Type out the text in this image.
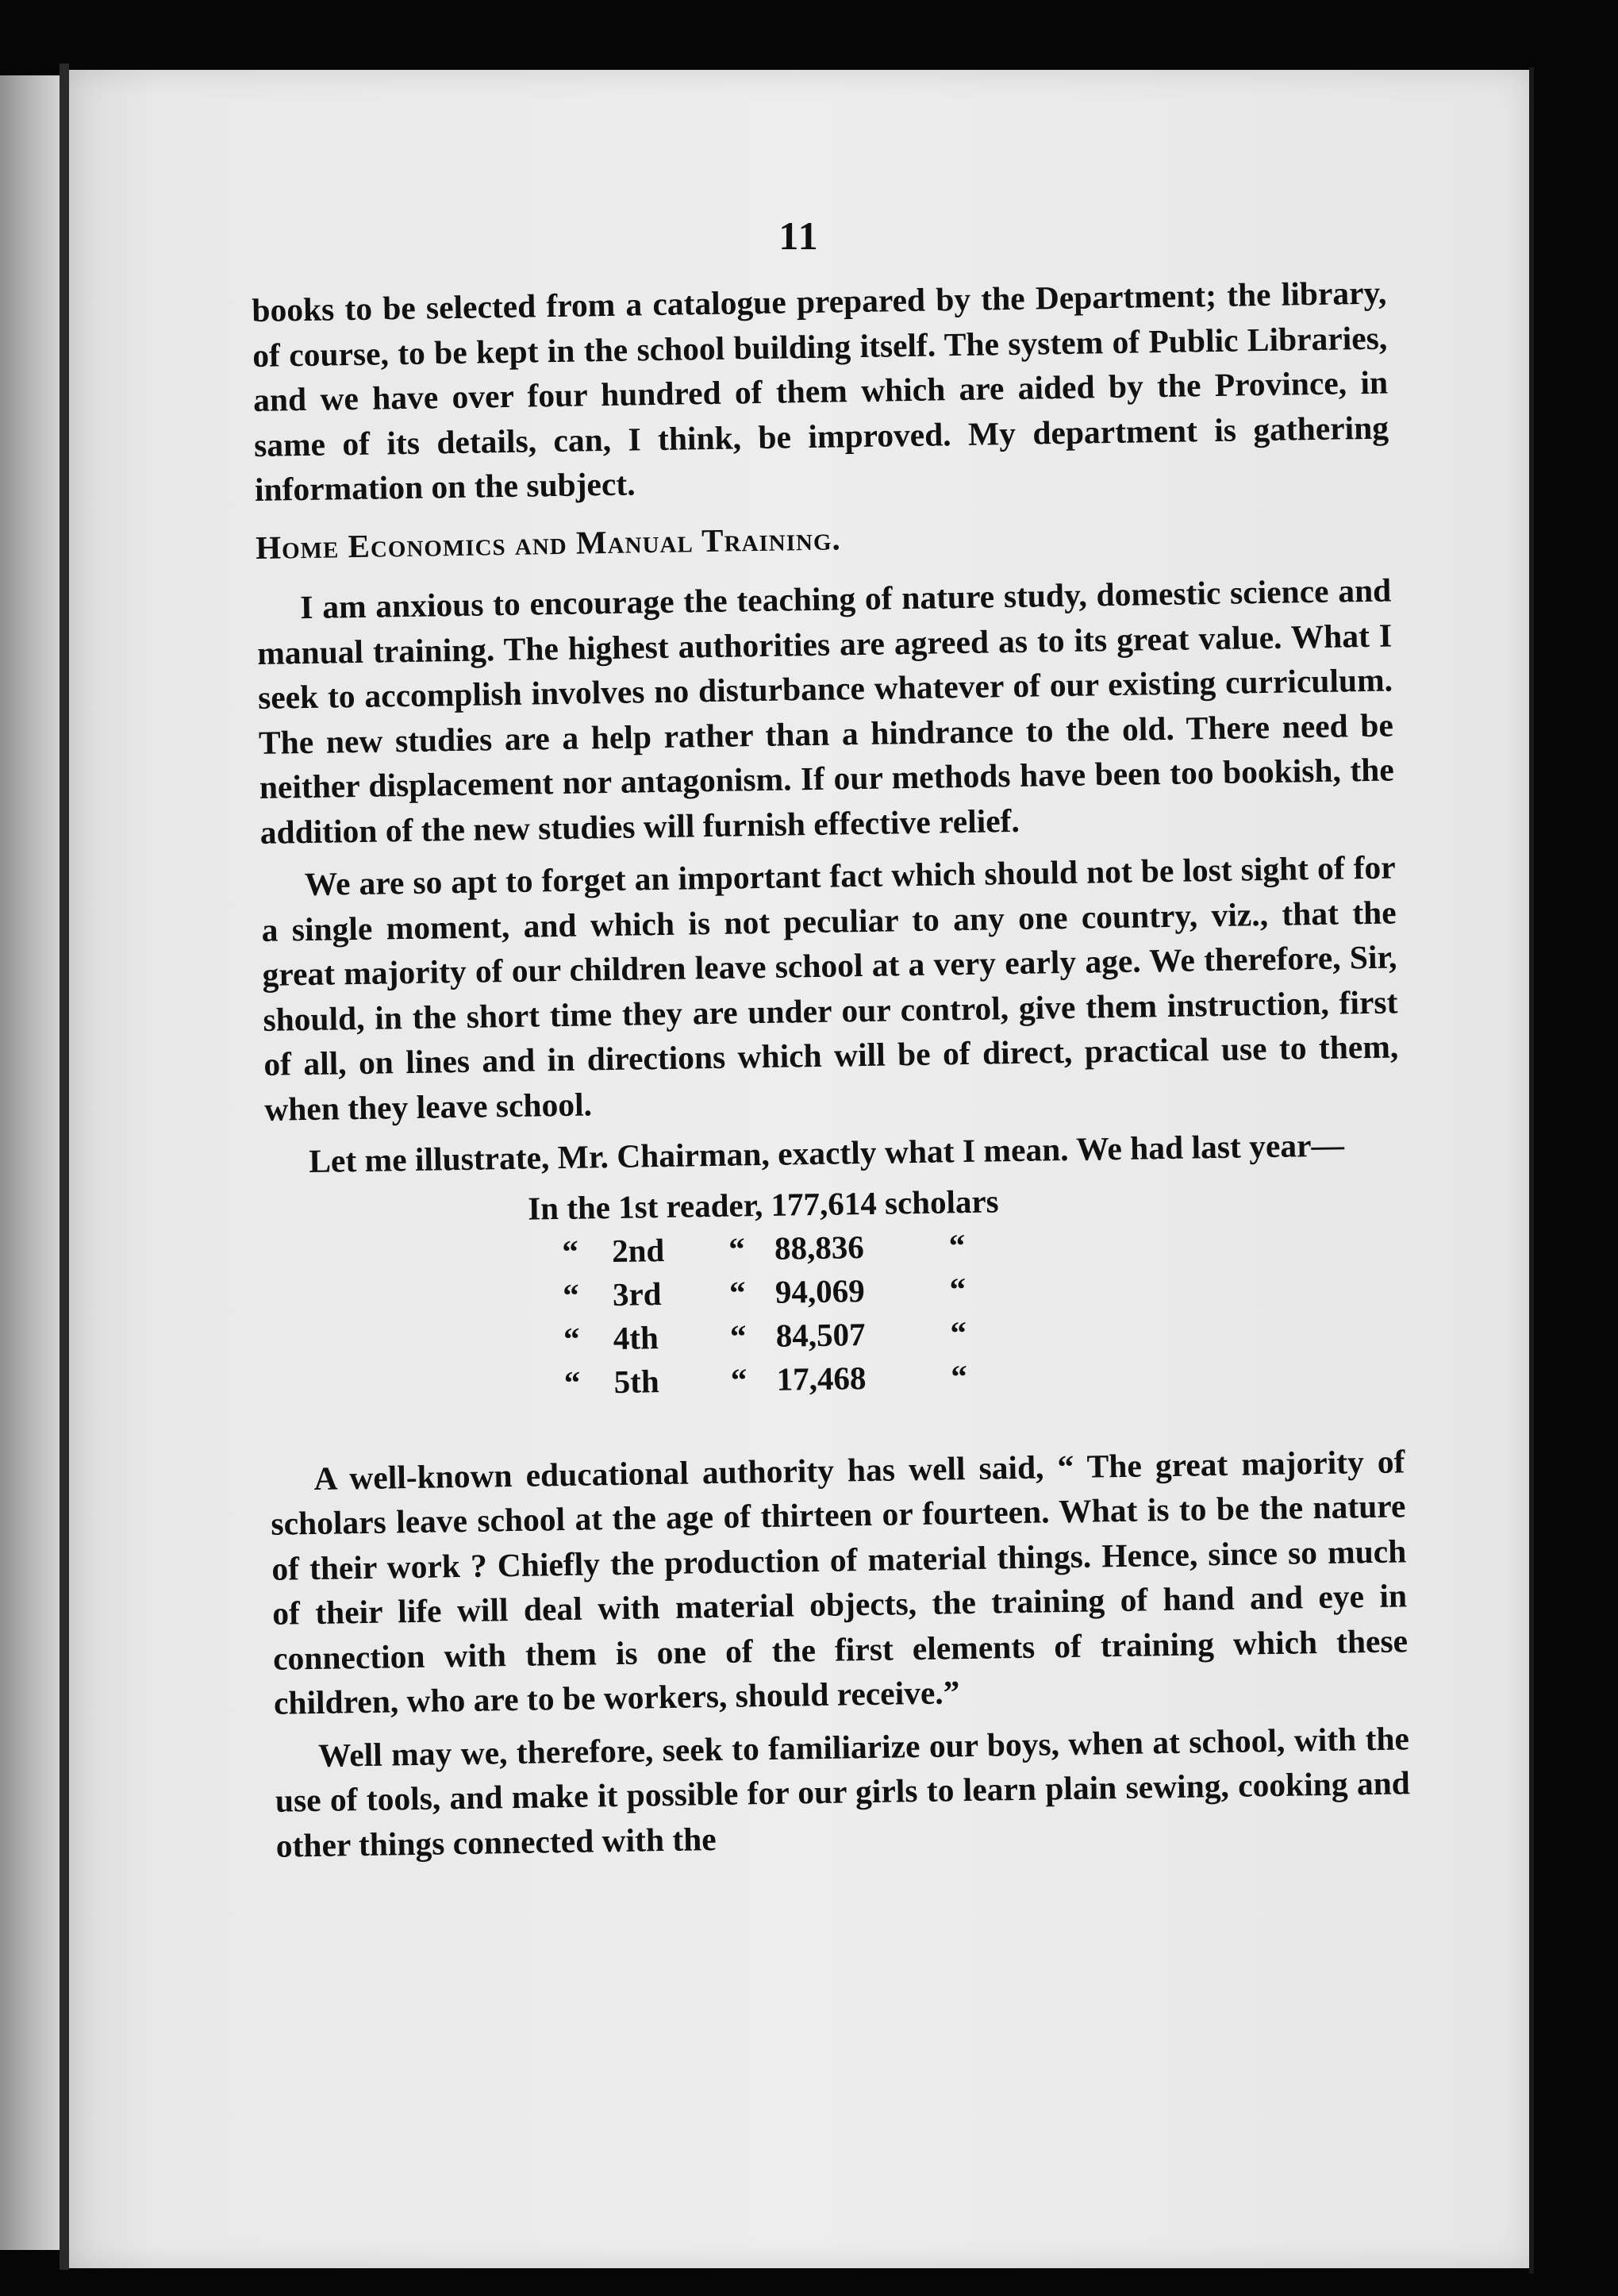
11

books to be selected from a catalogue prepared by the Department; the library, of course, to be kept in the school building itself. The system of Public Libraries, and we have over four hundred of them which are aided by the Province, in same of its details, can, I think, be improved. My department is gathering information on the subject.

Home Economics and Manual Training.

I am anxious to encourage the teaching of nature study, domestic science and manual training. The highest authorities are agreed as to its great value. What I seek to accomplish involves no disturbance whatever of our existing curriculum. The new studies are a help rather than a hindrance to the old. There need be neither displacement nor antagonism. If our methods have been too bookish, the addition of the new studies will furnish effective relief.

We are so apt to forget an important fact which should not be lost sight of for a single moment, and which is not peculiar to any one country, viz., that the great majority of our children leave school at a very early age. We therefore, Sir, should, in the short time they are under our control, give them instruction, first of all, on lines and in directions which will be of direct, practical use to them, when they leave school.

Let me illustrate, Mr. Chairman, exactly what I mean. We had last year—

In the 1st reader, 177,614 scholars				
“	2nd	“	88,836	“
“	3rd	“	94,069	“
“	4th	“	84,507	“
“	5th	“	17,468	“

A well-known educational authority has well said, “ The great majority of scholars leave school at the age of thirteen or fourteen. What is to be the nature of their work ? Chiefly the production of material things. Hence, since so much of their life will deal with material objects, the training of hand and eye in connection with them is one of the first elements of training which these children, who are to be workers, should receive.”

Well may we, therefore, seek to familiarize our boys, when at school, with the use of tools, and make it possible for our girls to learn plain sewing, cooking and other things connected with the
